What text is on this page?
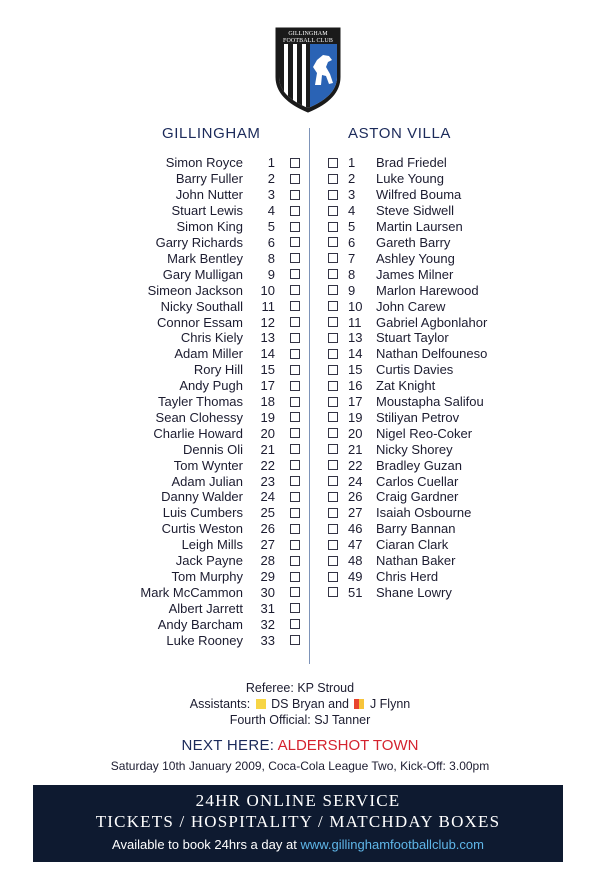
GILLINGHAM
FOOTBALL CLUB
GILLINGHAM	ASTON VILLA
Simon Royce	1
Barry Fuller	2
John Nutter	3
Stuart Lewis	4
Simon King	5
Garry Richards	6
Mark Bentley	8
Gary Mulligan	9
Simeon Jackson	10
Nicky Southall	11
Connor Essam	12
Chris Kiely	13
Adam Miller	14
Rory Hill	15
Andy Pugh	17
Tayler Thomas	18
Sean Clohessy	19
Charlie Howard	20
Dennis Oli	21
Tom Wynter	22
Adam Julian	23
Danny Walder	24
Luis Cumbers	25
Curtis Weston	26
Leigh Mills	27
Jack Payne	28
Tom Murphy	29
Mark McCammon	30
Albert Jarrett	31
Andy Barcham	32
Luke Rooney	33
1	Brad Friedel
2	Luke Young
3	Wilfred Bouma
4	Steve Sidwell
5	Martin Laursen
6	Gareth Barry
7	Ashley Young
8	James Milner
9	Marlon Harewood
10	John Carew
11	Gabriel Agbonlahor
13	Stuart Taylor
14	Nathan Delfouneso
15	Curtis Davies
16	Zat Knight
17	Moustapha Salifou
19	Stiliyan Petrov
20	Nigel Reo-Coker
21	Nicky Shorey
22	Bradley Guzan
24	Carlos Cuellar
26	Craig Gardner
27	Isaiah Osbourne
46	Barry Bannan
47	Ciaran Clark
48	Nathan Baker
49	Chris Herd
51	Shane Lowry
Referee: KP Stroud
Assistants: DS Bryan and J Flynn
Fourth Official: SJ Tanner
NEXT HERE: ALDERSHOT TOWN
Saturday 10th January 2009, Coca-Cola League Two, Kick-Off: 3.00pm
24HR ONLINE SERVICE
TICKETS / HOSPITALITY / MATCHDAY BOXES
Available to book 24hrs a day at www.gillinghamfootballclub.com
